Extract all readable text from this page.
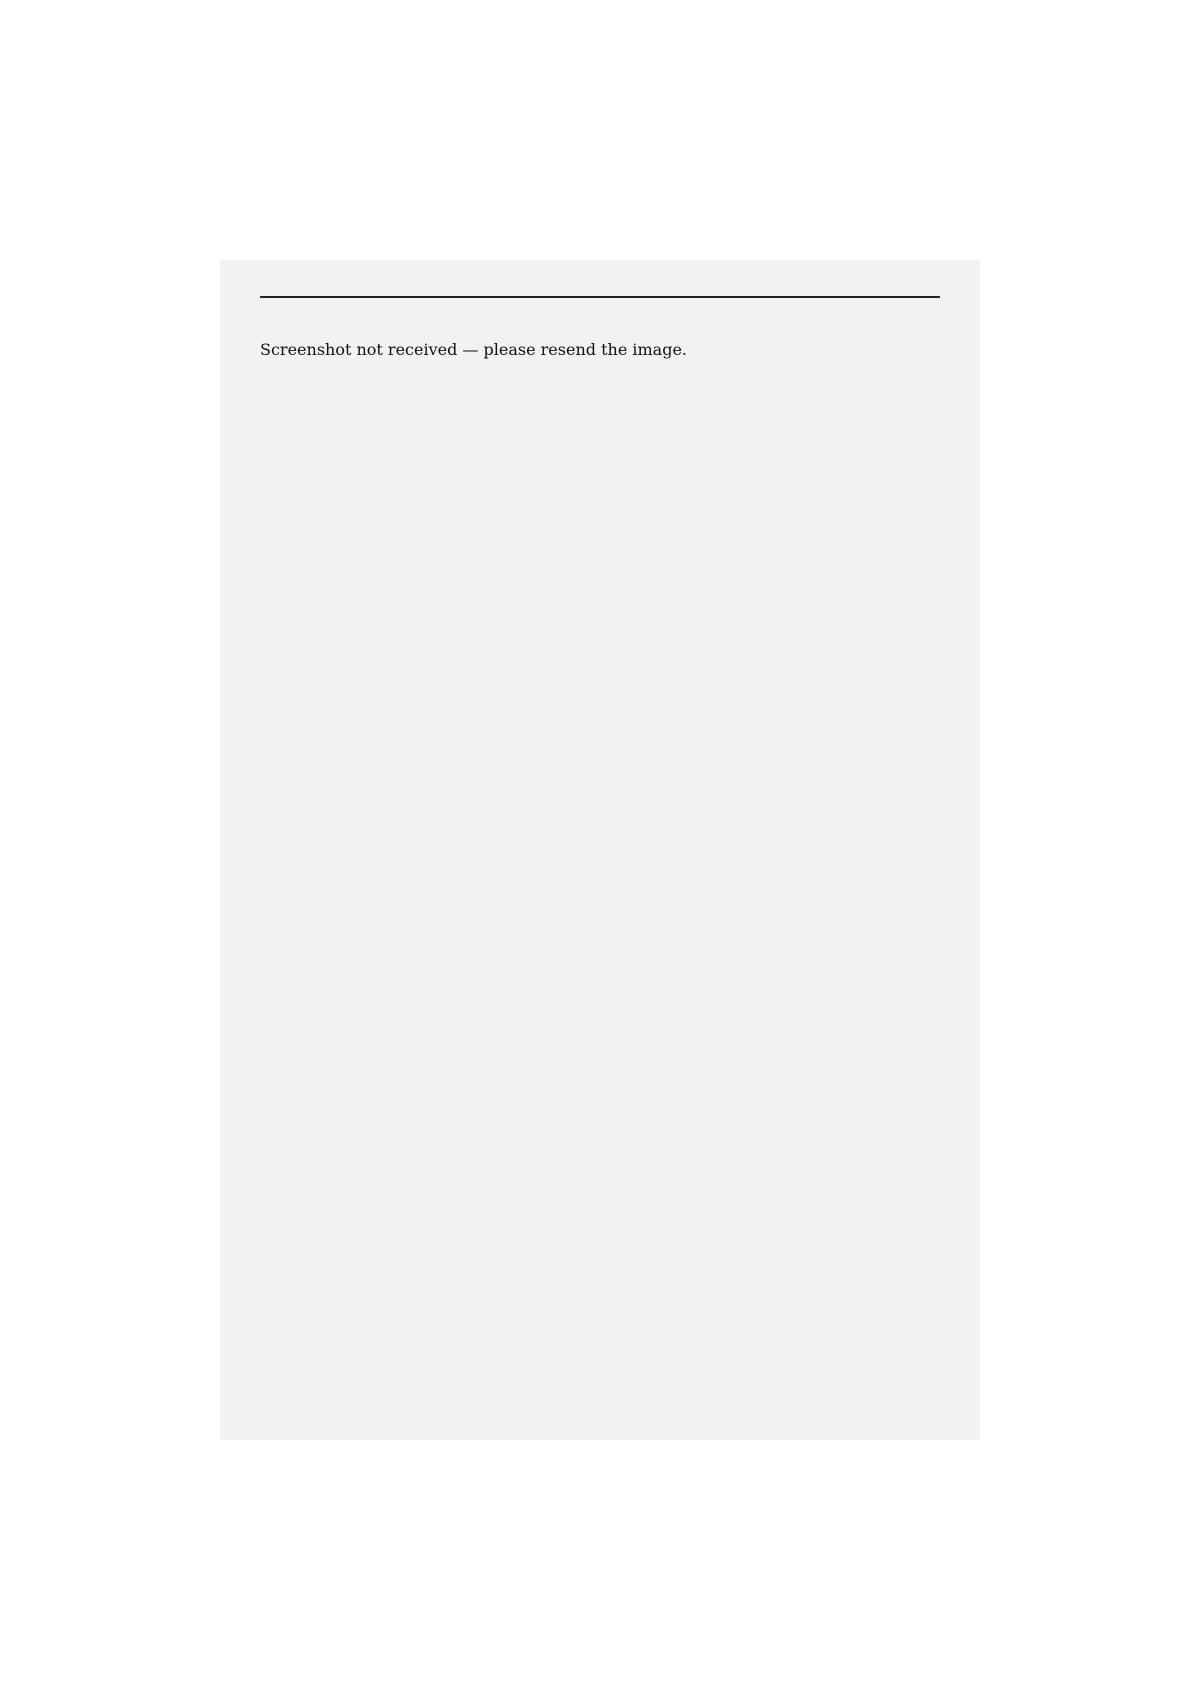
Screenshot not received — please resend the image.
